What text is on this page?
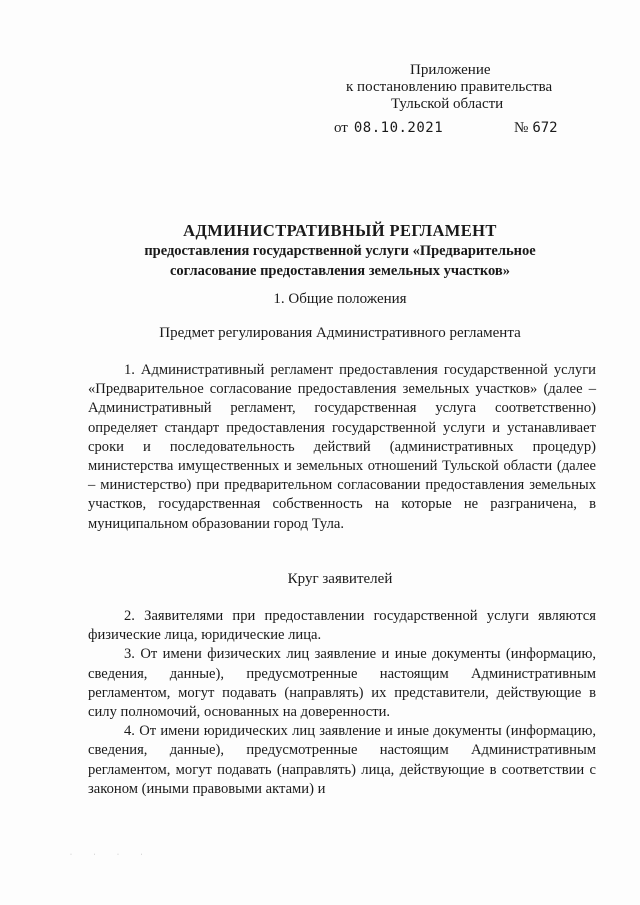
Приложение
к постановлению правительства
Тульской области
от 08.10.2021	№ 672
АДМИНИСТРАТИВНЫЙ РЕГЛАМЕНТ
предоставления государственной услуги «Предварительное
согласование предоставления земельных участков»
1. Общие положения
Предмет регулирования Административного регламента

1. Административный регламент предоставления государственной услуги «Предварительное согласование предоставления земельных участков» (далее – Административный регламент, государственная услуга соответственно) определяет стандарт предоставления государственной услуги и устанавливает сроки и последовательность действий (административных процедур) министерства имущественных и земельных отношений Тульской области (далее – министерство) при предварительном согласовании предоставления земельных участков, государственная собственность на которые не разграничена, в муниципальном образовании город Тула.

Круг заявителей

2. Заявителями при предоставлении государственной услуги являются физические лица, юридические лица.

3. От имени физических лиц заявление и иные документы (информацию, сведения, данные), предусмотренные настоящим Административным регламентом, могут подавать (направлять) их представители, действующие в силу полномочий, основанных на доверенности.

4. От имени юридических лиц заявление и иные документы (информацию, сведения, данные), предусмотренные настоящим Административным регламентом, могут подавать (направлять) лица, действующие в соответствии с законом (иными правовыми актами) и

· · · ·
